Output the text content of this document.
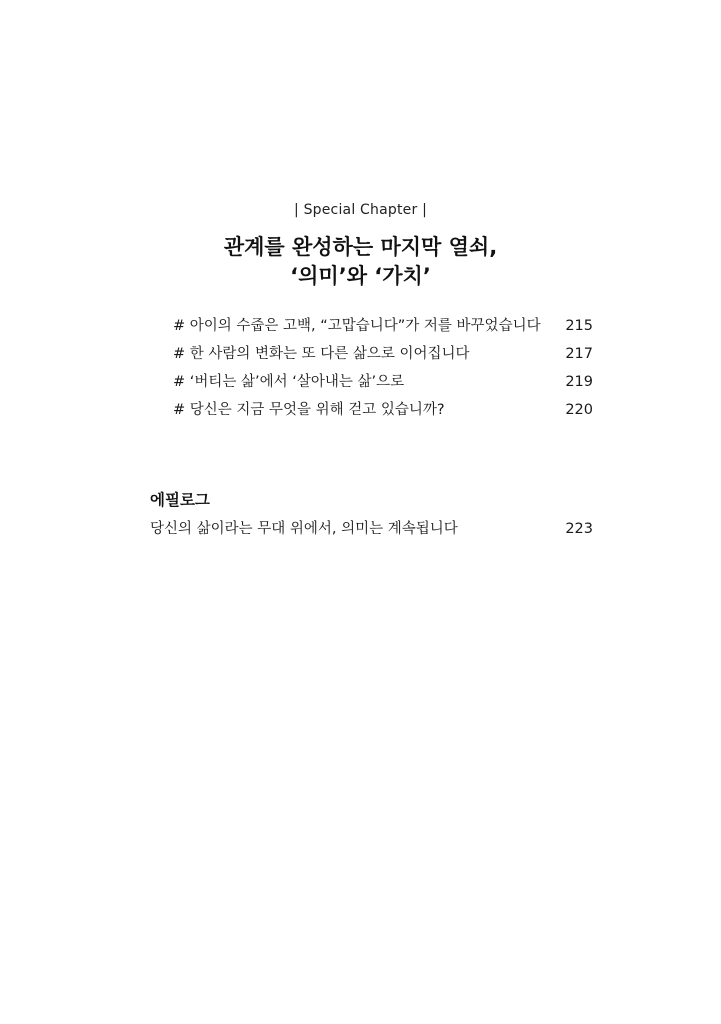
| Special Chapter |
관계를 완성하는 마지막 열쇠,
‘의미’와 ‘가치’
# 아이의 수줍은 고백, “고맙습니다”가 저를 바꾸었습니다 215
# 한 사람의 변화는 또 다른 삶으로 이어집니다	217
# ‘버티는 삶’에서 ‘살아내는 삶’으로	219
# 당신은 지금 무엇을 위해 걷고 있습니까?	220
에필로그
당신의 삶이라는 무대 위에서, 의미는 계속됩니다	223
